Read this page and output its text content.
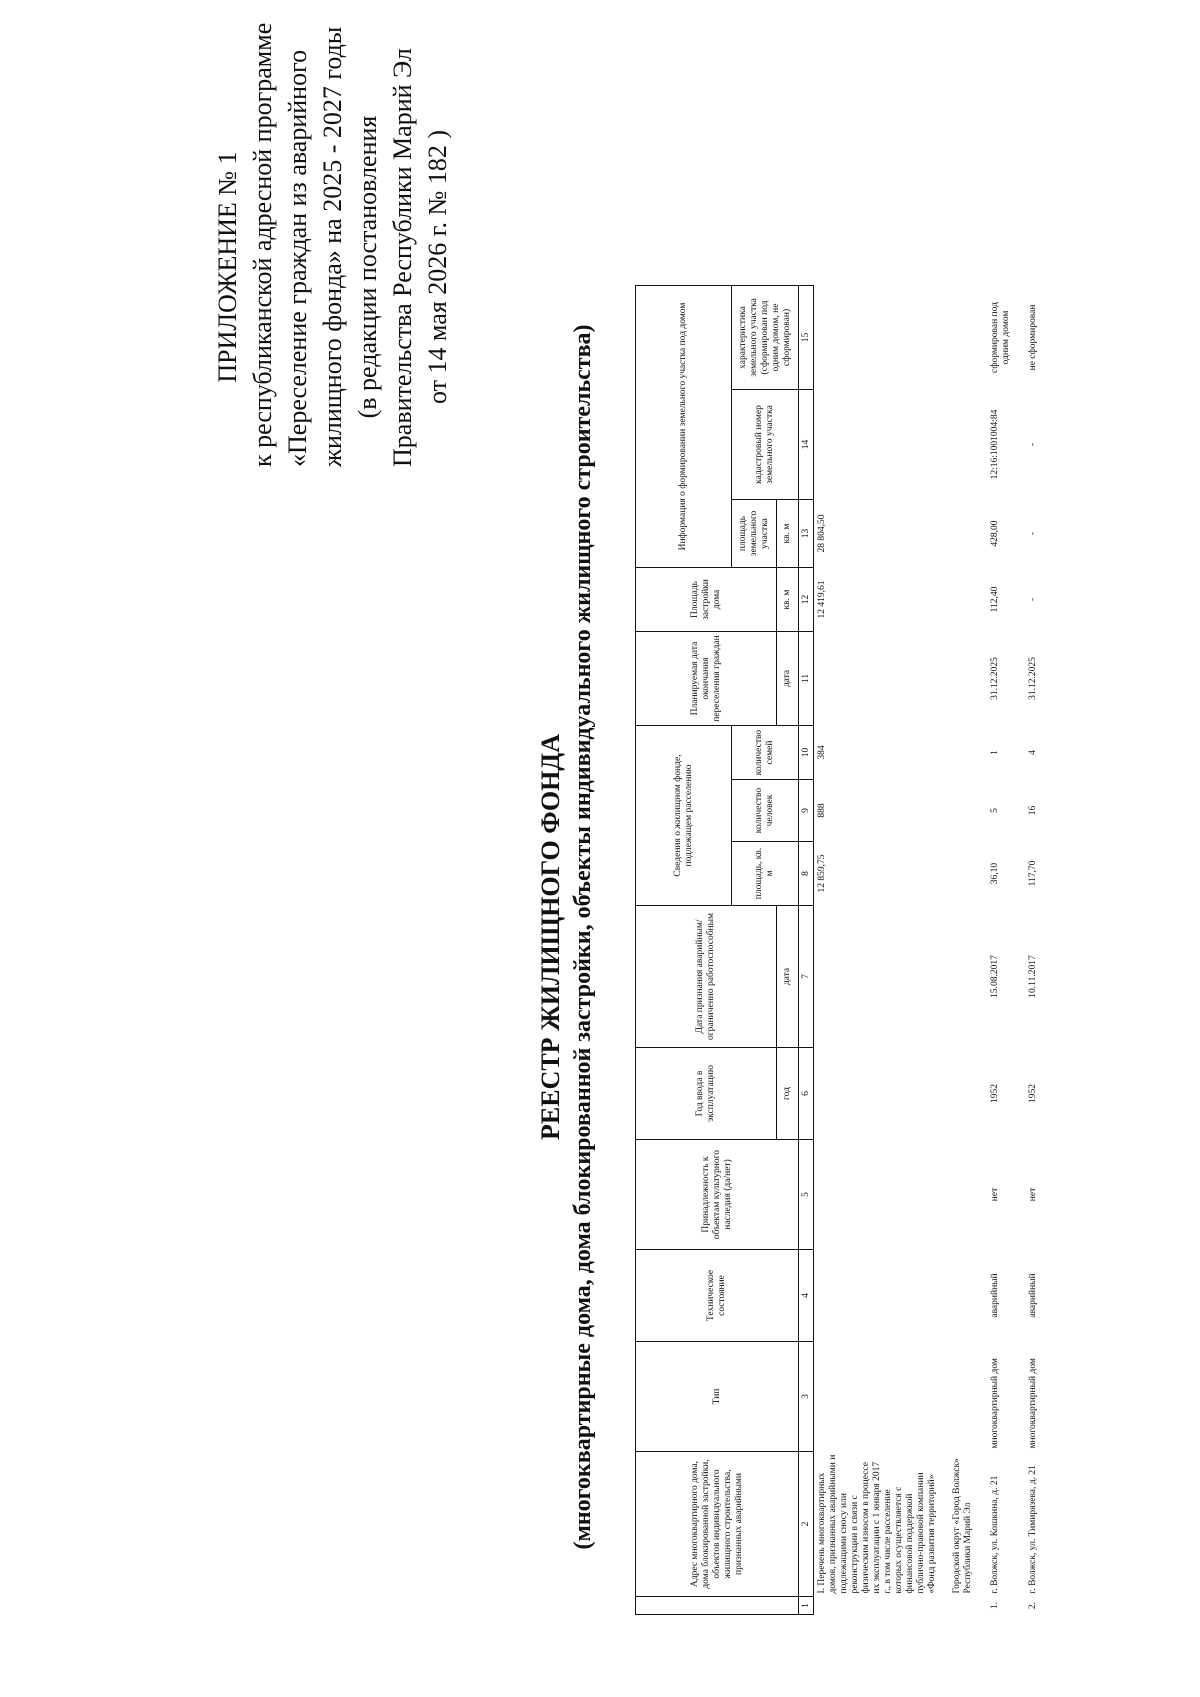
ПРИЛОЖЕНИЕ № 1 к республиканской адресной программе «Переселение граждан из аварийного жилищного фонда» на 2025 - 2027 годы (в редакции постановления Правительства Республики Марий Эл от 14 мая 2026 г. № 182 )
РЕЕСТР ЖИЛИЩНОГО ФОНДА (многоквартирные дома, дома блокированной застройки, объекты индивидуального жилищного строительства)
		Адрес многоквартирного дома, дома блокированной застройки, объектов индивидуального жилищного строительства, признанных аварийными	Тип	Техническое состояние	Принадлежность к объектам культурного наследия (да/нет)	Год ввода в эксплуатацию	Дата признания аварийным/ограниченно работоспособным	Сведения о жилищном фонде, подлежащем расселению			Планируемая дата окончания переселения граждан	Площадь застройки дома	Информация о формировании земельного участка под домом		
							площадь, кв. м	количество человек	количество семей			площадь земельного участка	кадастровый номер земельного участка	характеристика земельного участка (сформирован под одним домом, не сформирован)
					год	дата				дата	кв. м	кв. м		
1	2	3	4	5	6	7	8	9	10	11	12	13	14	15
	I. Перечень многоквартирных домов, признанных аварийными и подлежащими сносу или реконструкции в связи с физическим износом в процессе их эксплуатации с 1 января 2017 г., в том числе расселение которых осуществляется с финансовой поддержкой публично-правовой компании «Фонд развития территорий»						12 859,75	888	384		12 419,61	28 804,50		
	Городской округ «Город Волжск» Республики Марий Эл													
1.	г. Волжск, ул. Кошкина, д. 21	многоквартирный дом	аварийный	нет	1952	15.08.2017	36,10	5	1	31.12.2025	112,40	428,00	12:16:1001004:84	сформирован под одним домом
2.	г. Волжск, ул. Тимирязева, д. 21	многоквартирный дом	аварийный	нет	1952	10.11.2017	117,70	16	4	31.12.2025	-	-	-	не сформирован
